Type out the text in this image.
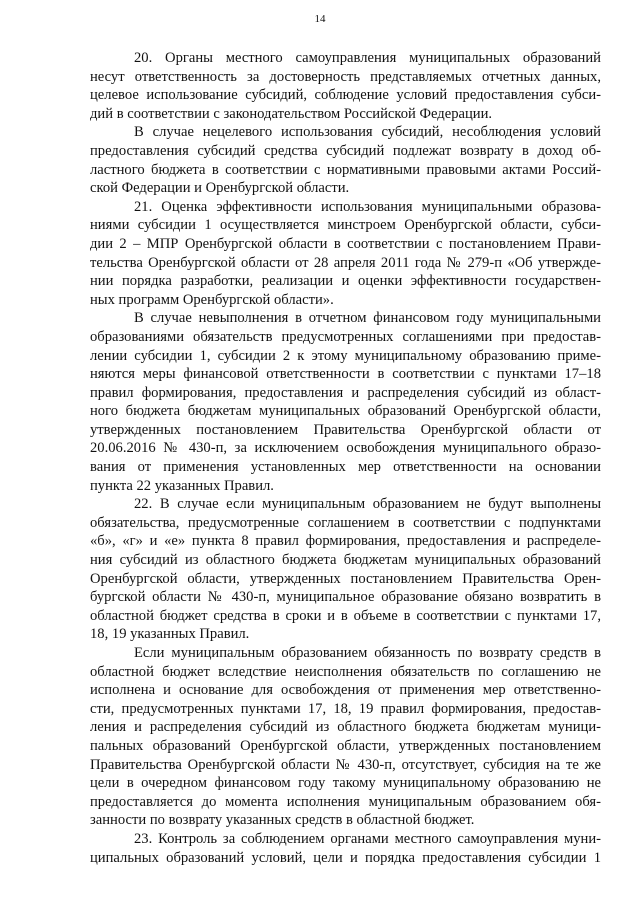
14
20. Органы местного самоуправления муниципальных образований
несут ответственность за достоверность представляемых отчетных данных,
целевое использование субсидий, соблюдение условий предоставления субси-
дий в соответствии с законодательством Российской Федерации.
В случае нецелевого использования субсидий, несоблюдения условий
предоставления субсидий средства субсидий подлежат возврату в доход об-
ластного бюджета в соответствии с нормативными правовыми актами Россий-
ской Федерации и Оренбургской области.
21. Оценка эффективности использования муниципальными образова-
ниями субсидии 1 осуществляется минстроем Оренбургской области, субси-
дии 2 – МПР Оренбургской области в соответствии с постановлением Прави-
тельства Оренбургской области от 28 апреля 2011 года № 279-п «Об утвержде-
нии порядка разработки, реализации и оценки эффективности государствен-
ных программ Оренбургской области».
В случае невыполнения в отчетном финансовом году муниципальными
образованиями обязательств предусмотренных соглашениями при предостав-
лении субсидии 1, субсидии 2 к этому муниципальному образованию приме-
няются меры финансовой ответственности в соответствии с пунктами 17–18
правил формирования, предоставления и распределения субсидий из област-
ного бюджета бюджетам муниципальных образований Оренбургской области,
утвержденных постановлением Правительства Оренбургской области от
20.06.2016 № 430-п, за исключением освобождения муниципального образо-
вания от применения установленных мер ответственности на основании
пункта 22 указанных Правил.
22. В случае если муниципальным образованием не будут выполнены
обязательства, предусмотренные соглашением в соответствии с подпунктами
«б», «г» и «е» пункта 8 правил формирования, предоставления и распределе-
ния субсидий из областного бюджета бюджетам муниципальных образований
Оренбургской области, утвержденных постановлением Правительства Орен-
бургской области № 430-п, муниципальное образование обязано возвратить в
областной бюджет средства в сроки и в объеме в соответствии с пунктами 17,
18, 19 указанных Правил.
Если муниципальным образованием обязанность по возврату средств в
областной бюджет вследствие неисполнения обязательств по соглашению не
исполнена и основание для освобождения от применения мер ответственно-
сти, предусмотренных пунктами 17, 18, 19 правил формирования, предостав-
ления и распределения субсидий из областного бюджета бюджетам муници-
пальных образований Оренбургской области, утвержденных постановлением
Правительства Оренбургской области № 430-п, отсутствует, субсидия на те же
цели в очередном финансовом году такому муниципальному образованию не
предоставляется до момента исполнения муниципальным образованием обя-
занности по возврату указанных средств в областной бюджет.
23. Контроль за соблюдением органами местного самоуправления муни-
ципальных образований условий, цели и порядка предоставления субсидии 1
